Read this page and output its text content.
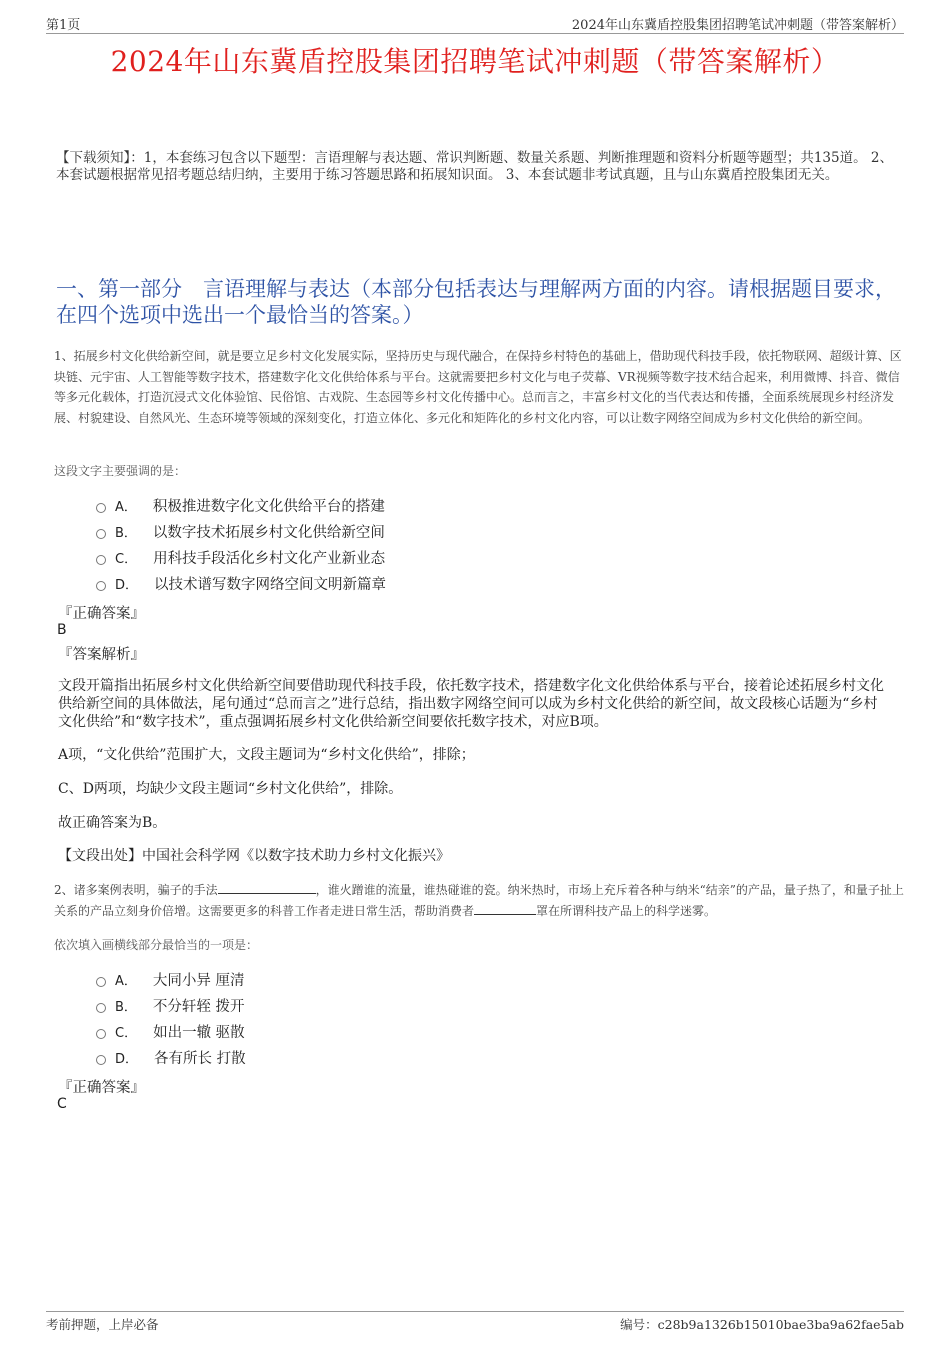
第1页	2024年山东冀盾控股集团招聘笔试冲刺题（带答案解析）
2024年山东冀盾控股集团招聘笔试冲刺题（带答案解析）
【下载须知】：1，本套练习包含以下题型：言语理解与表达题、常识判断题、数量关系题、判断推理题和资料分析题等题型；共135道。 2、本套试题根据常见招考题总结归纳，主要用于练习答题思路和拓展知识面。 3、本套试题非考试真题，且与山东冀盾控股集团无关。
一、第一部分　言语理解与表达（本部分包括表达与理解两方面的内容。请根据题目要求，在四个选项中选出一个最恰当的答案。）
1、拓展乡村文化供给新空间，就是要立足乡村文化发展实际，坚持历史与现代融合，在保持乡村特色的基础上，借助现代科技手段，依托物联网、超级计算、区块链、元宇宙、人工智能等数字技术，搭建数字化文化供给体系与平台。这就需要把乡村文化与电子荧幕、VR视频等数字技术结合起来，利用微博、抖音、微信等多元化载体，打造沉浸式文化体验馆、民俗馆、古戏院、生态园等乡村文化传播中心。总而言之，丰富乡村文化的当代表达和传播，全面系统展现乡村经济发展、村貌建设、自然风光、生态环境等领域的深刻变化，打造立体化、多元化和矩阵化的乡村文化内容，可以让数字网络空间成为乡村文化供给的新空间。
这段文字主要强调的是：
A． 积极推进数字化文化供给平台的搭建
B． 以数字技术拓展乡村文化供给新空间
C． 用科技手段活化乡村文化产业新业态
D． 以技术谱写数字网络空间文明新篇章
『正确答案』
B
『答案解析』
文段开篇指出拓展乡村文化供给新空间要借助现代科技手段，依托数字技术，搭建数字化文化供给体系与平台，接着论述拓展乡村文化供给新空间的具体做法，尾句通过“总而言之”进行总结，指出数字网络空间可以成为乡村文化供给的新空间，故文段核心话题为“乡村文化供给”和“数字技术”，重点强调拓展乡村文化供给新空间要依托数字技术，对应B项。
A项，“文化供给”范围扩大，文段主题词为“乡村文化供给”，排除；
C、D两项，均缺少文段主题词“乡村文化供给”，排除。
故正确答案为B。
【文段出处】中国社会科学网《以数字技术助力乡村文化振兴》
2、诸多案例表明，骗子的手法	，谁火蹭谁的流量，谁热碰谁的瓷。纳米热时，市场上充斥着各种与纳米“结亲”的产品，量子热了，和量子扯上关系的产品立刻身价倍增。这需要更多的科普工作者走进日常生活，帮助消费者	罩在所谓科技产品上的科学迷雾。
依次填入画横线部分最恰当的一项是：
A． 大同小异 厘清
B． 不分轩轾 拨开
C． 如出一辙 驱散
D． 各有所长 打散
『正确答案』
C
考前押题，上岸必备	编号：c28b9a1326b15010bae3ba9a62fae5ab
